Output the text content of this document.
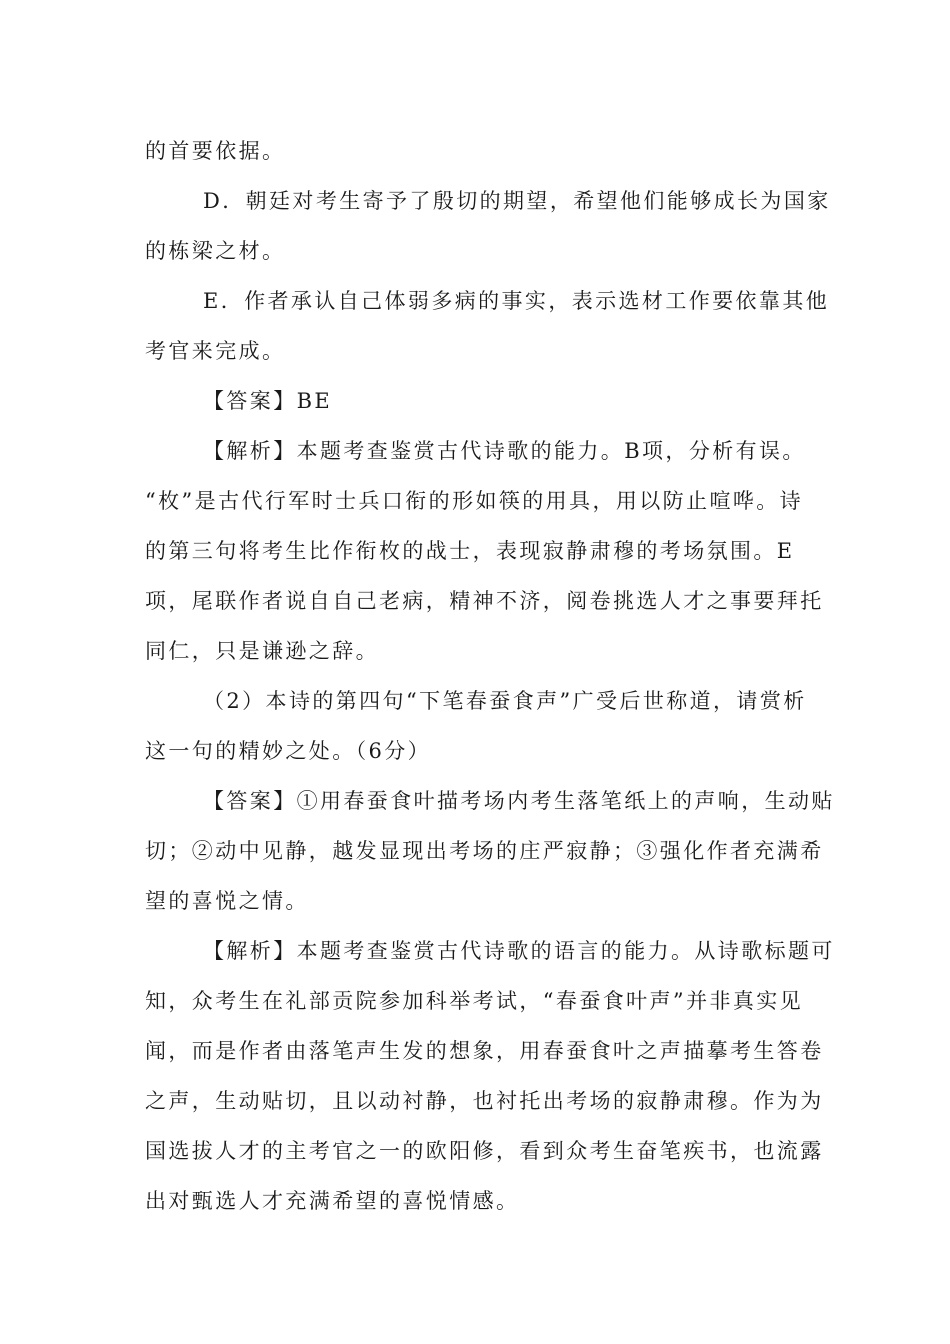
的首要依据。
D．朝廷对考生寄予了殷切的期望，希望他们能够成长为国家
的栋梁之材。
E．作者承认自己体弱多病的事实，表示选材工作要依靠其他
考官来完成。
【答案】BE
【解析】本题考查鉴赏古代诗歌的能力。B项，分析有误。
“枚”是古代行军时士兵口衔的形如筷的用具，用以防止喧哗。诗
的第三句将考生比作衔枚的战士，表现寂静肃穆的考场氛围。E
项，尾联作者说自自己老病，精神不济，阅卷挑选人才之事要拜托
同仁，只是谦逊之辞。
（2）本诗的第四句“下笔春蚕食声”广受后世称道，请赏析
这一句的精妙之处。（6分）
【答案】①用春蚕食叶描考场内考生落笔纸上的声响，生动贴
切；②动中见静，越发显现出考场的庄严寂静；③强化作者充满希
望的喜悦之情。
【解析】本题考查鉴赏古代诗歌的语言的能力。从诗歌标题可
知，众考生在礼部贡院参加科举考试，“春蚕食叶声”并非真实见
闻，而是作者由落笔声生发的想象，用春蚕食叶之声描摹考生答卷
之声，生动贴切，且以动衬静，也衬托出考场的寂静肃穆。作为为
国选拔人才的主考官之一的欧阳修，看到众考生奋笔疾书，也流露
出对甄选人才充满希望的喜悦情感。
